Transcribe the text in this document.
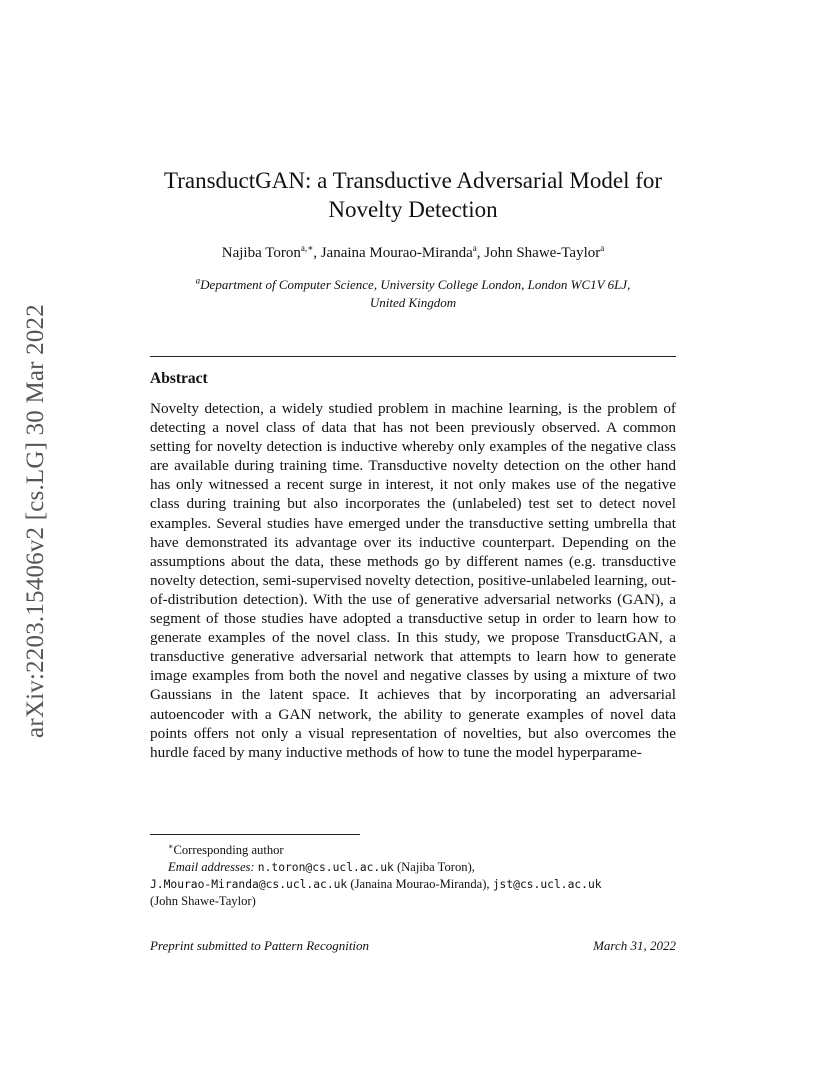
arXiv:2203.15406v2 [cs.LG] 30 Mar 2022
TransductGAN: a Transductive Adversarial Model for
Novelty Detection
Najiba Toron$^{a,∗}$, Janaina Mourao-Miranda$^a$, John Shawe-Taylor$^a$
$^a$Department of Computer Science, University College London, London WC1V 6LJ,
United Kingdom
Abstract
Novelty detection, a widely studied problem in machine learning, is the problem of detecting a novel class of data that has not been previously observed. A common setting for novelty detection is inductive whereby only examples of the negative class are available during training time. Transductive novelty detection on the other hand has only witnessed a recent surge in interest, it not only makes use of the negative class during training but also incorporates the (unlabeled) test set to detect novel examples. Several studies have emerged under the transductive setting umbrella that have demonstrated its advantage over its inductive counterpart. Depending on the assumptions about the data, these methods go by different names (e.g. transductive novelty detection, semi-supervised novelty detection, positive-unlabeled learning, out-of-distribution detection). With the use of generative adversarial networks (GAN), a segment of those studies have adopted a transductive setup in order to learn how to generate examples of the novel class. In this study, we propose TransductGAN, a transductive generative adversarial network that attempts to learn how to generate image examples from both the novel and negative classes by using a mixture of two Gaussians in the latent space. It achieves that by incorporating an adversarial autoencoder with a GAN network, the ability to generate examples of novel data points offers not only a visual representation of novelties, but also overcomes the hurdle faced by many inductive methods of how to tune the model hyperparame-
∗Corresponding author
Email addresses: n.toron@cs.ucl.ac.uk (Najiba Toron),
J.Mourao-Miranda@cs.ucl.ac.uk (Janaina Mourao-Miranda), jst@cs.ucl.ac.uk
(John Shawe-Taylor)
Preprint submitted to Pattern Recognition	March 31, 2022
